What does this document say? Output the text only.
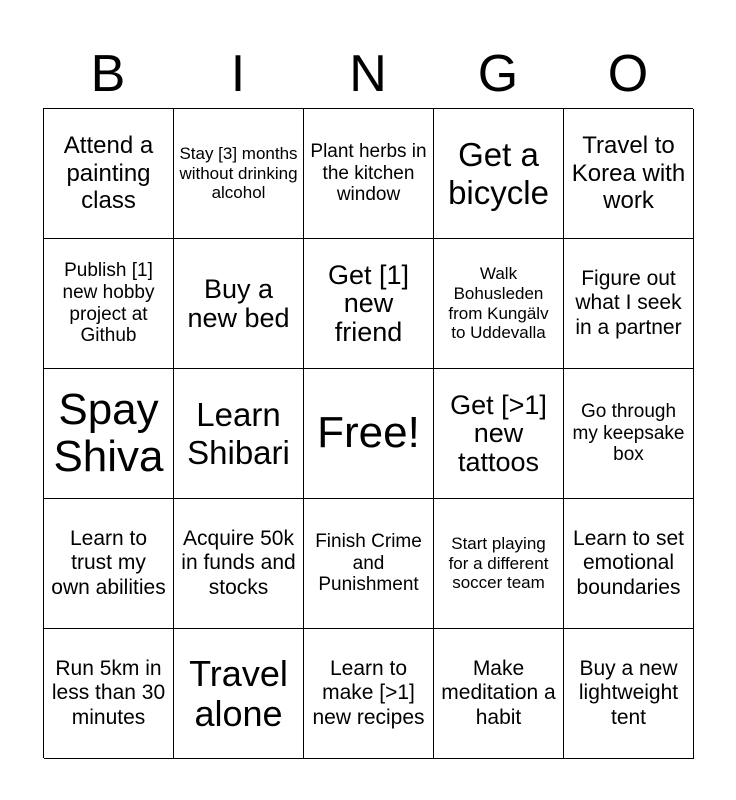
B	I	N	G	O
Attend a painting class
Stay [3] months without drinking alcohol
Plant herbs in the kitchen window
Get a bicycle
Travel to Korea with work
Publish [1] new hobby project at Github
Buy a new bed
Get [1] new friend
Walk Bohusleden from Kungälv to Uddevalla
Figure out what I seek in a partner
Spay Shiva
Learn Shibari Free!
Get [>1] new tattoos
Go through my keepsake box
Learn to trust my own abilities
Acquire 50k in funds and stocks
Finish Crime and Punishment
Start playing for a different soccer team
Learn to set emotional boundaries
Run 5km in less than 30 minutes
Travel alone
Learn to make [>1] new recipes
Make meditation a habit
Buy a new lightweight tent
